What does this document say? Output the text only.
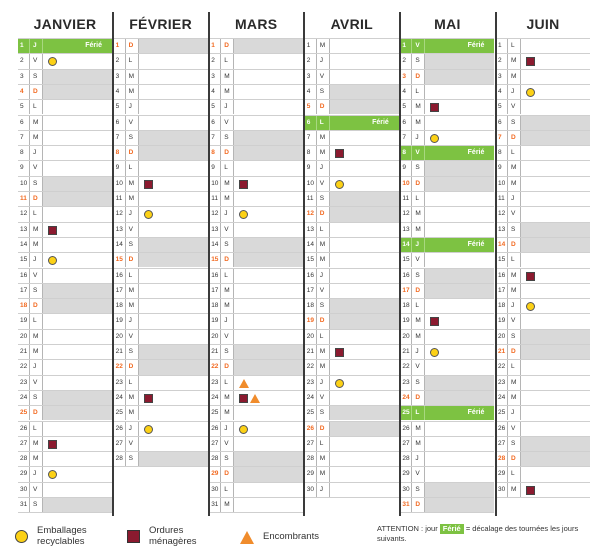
JANVIER
1	J	Férié
2	V
3	S
4	D
5	L
6	M
7	M
8	J
9	V
10 S
11 D
12 L
13 M
14 M
15 J
16 V
17 S
18 D
19 L
20 M
21 M
22 J
23 V
24 S
25 D
26 L
27 M
28 M
29 J
30 V
31 S
FÉVRIER
1	D
2	L
3	M
4	M
5	J
6	V
7	S
8	D
9	L
10 M
11 M
12 J
13 V
14 S
15 D
16 L
17 M
18 M
19 J
20 V
21 S
22 D
23 L
24 M
25 M
26 J
27 V
28 S
MARS
1	D
2	L
3	M
4	M
5	J
6	V
7	S
8	D
9	L
10 M
11 M
12 J
13 V
14 S
15 D
16 L
17 M
18 M
19 J
20 V
21 S
22 D
23 L
24 M
25 M
26 J
27 V
28 S
29 D
30 L
31 M
AVRIL
1	M
2	J
3	V
4	S
5	D
6	L	Férié
7	M
8	M
9	J
10 V
11 S
12 D
13 L
14 M
15 M
16 J
17 V
18 S
19 D
20 L
21 M
22 M
23 J
24 V
25 S
26 D
27 L
28 M
29 M
30 J
MAI
1	V	Férié
2	S
3	D
4	L
5	M
6	M
7	J
8	V	Férié
9	S
10 D
11 L
12 M
13 M
14 J	Férié
15 V
16 S
17 D
18 L
19 M
20 M
21 J
22 V
23 S
24 D
25 L	Férié
26 M
27 M
28 J
29 V
30 S
31 D
JUIN
1	L
2	M
3	M
4	J
5	V
6	S
7	D
8	L
9	M
10 M
11 J
12 V
13 S
14 D
15 L
16 M
17 M
18 J
19 V
20 S
21 D
22 L
23 M
24 M
25 J
26 V
27 S
28 D
29 L
30 M
Emballages recyclables
Ordures ménagères	Encombrants
ATTENTION : jour Férié = décalage des tournées les jours suivants.
